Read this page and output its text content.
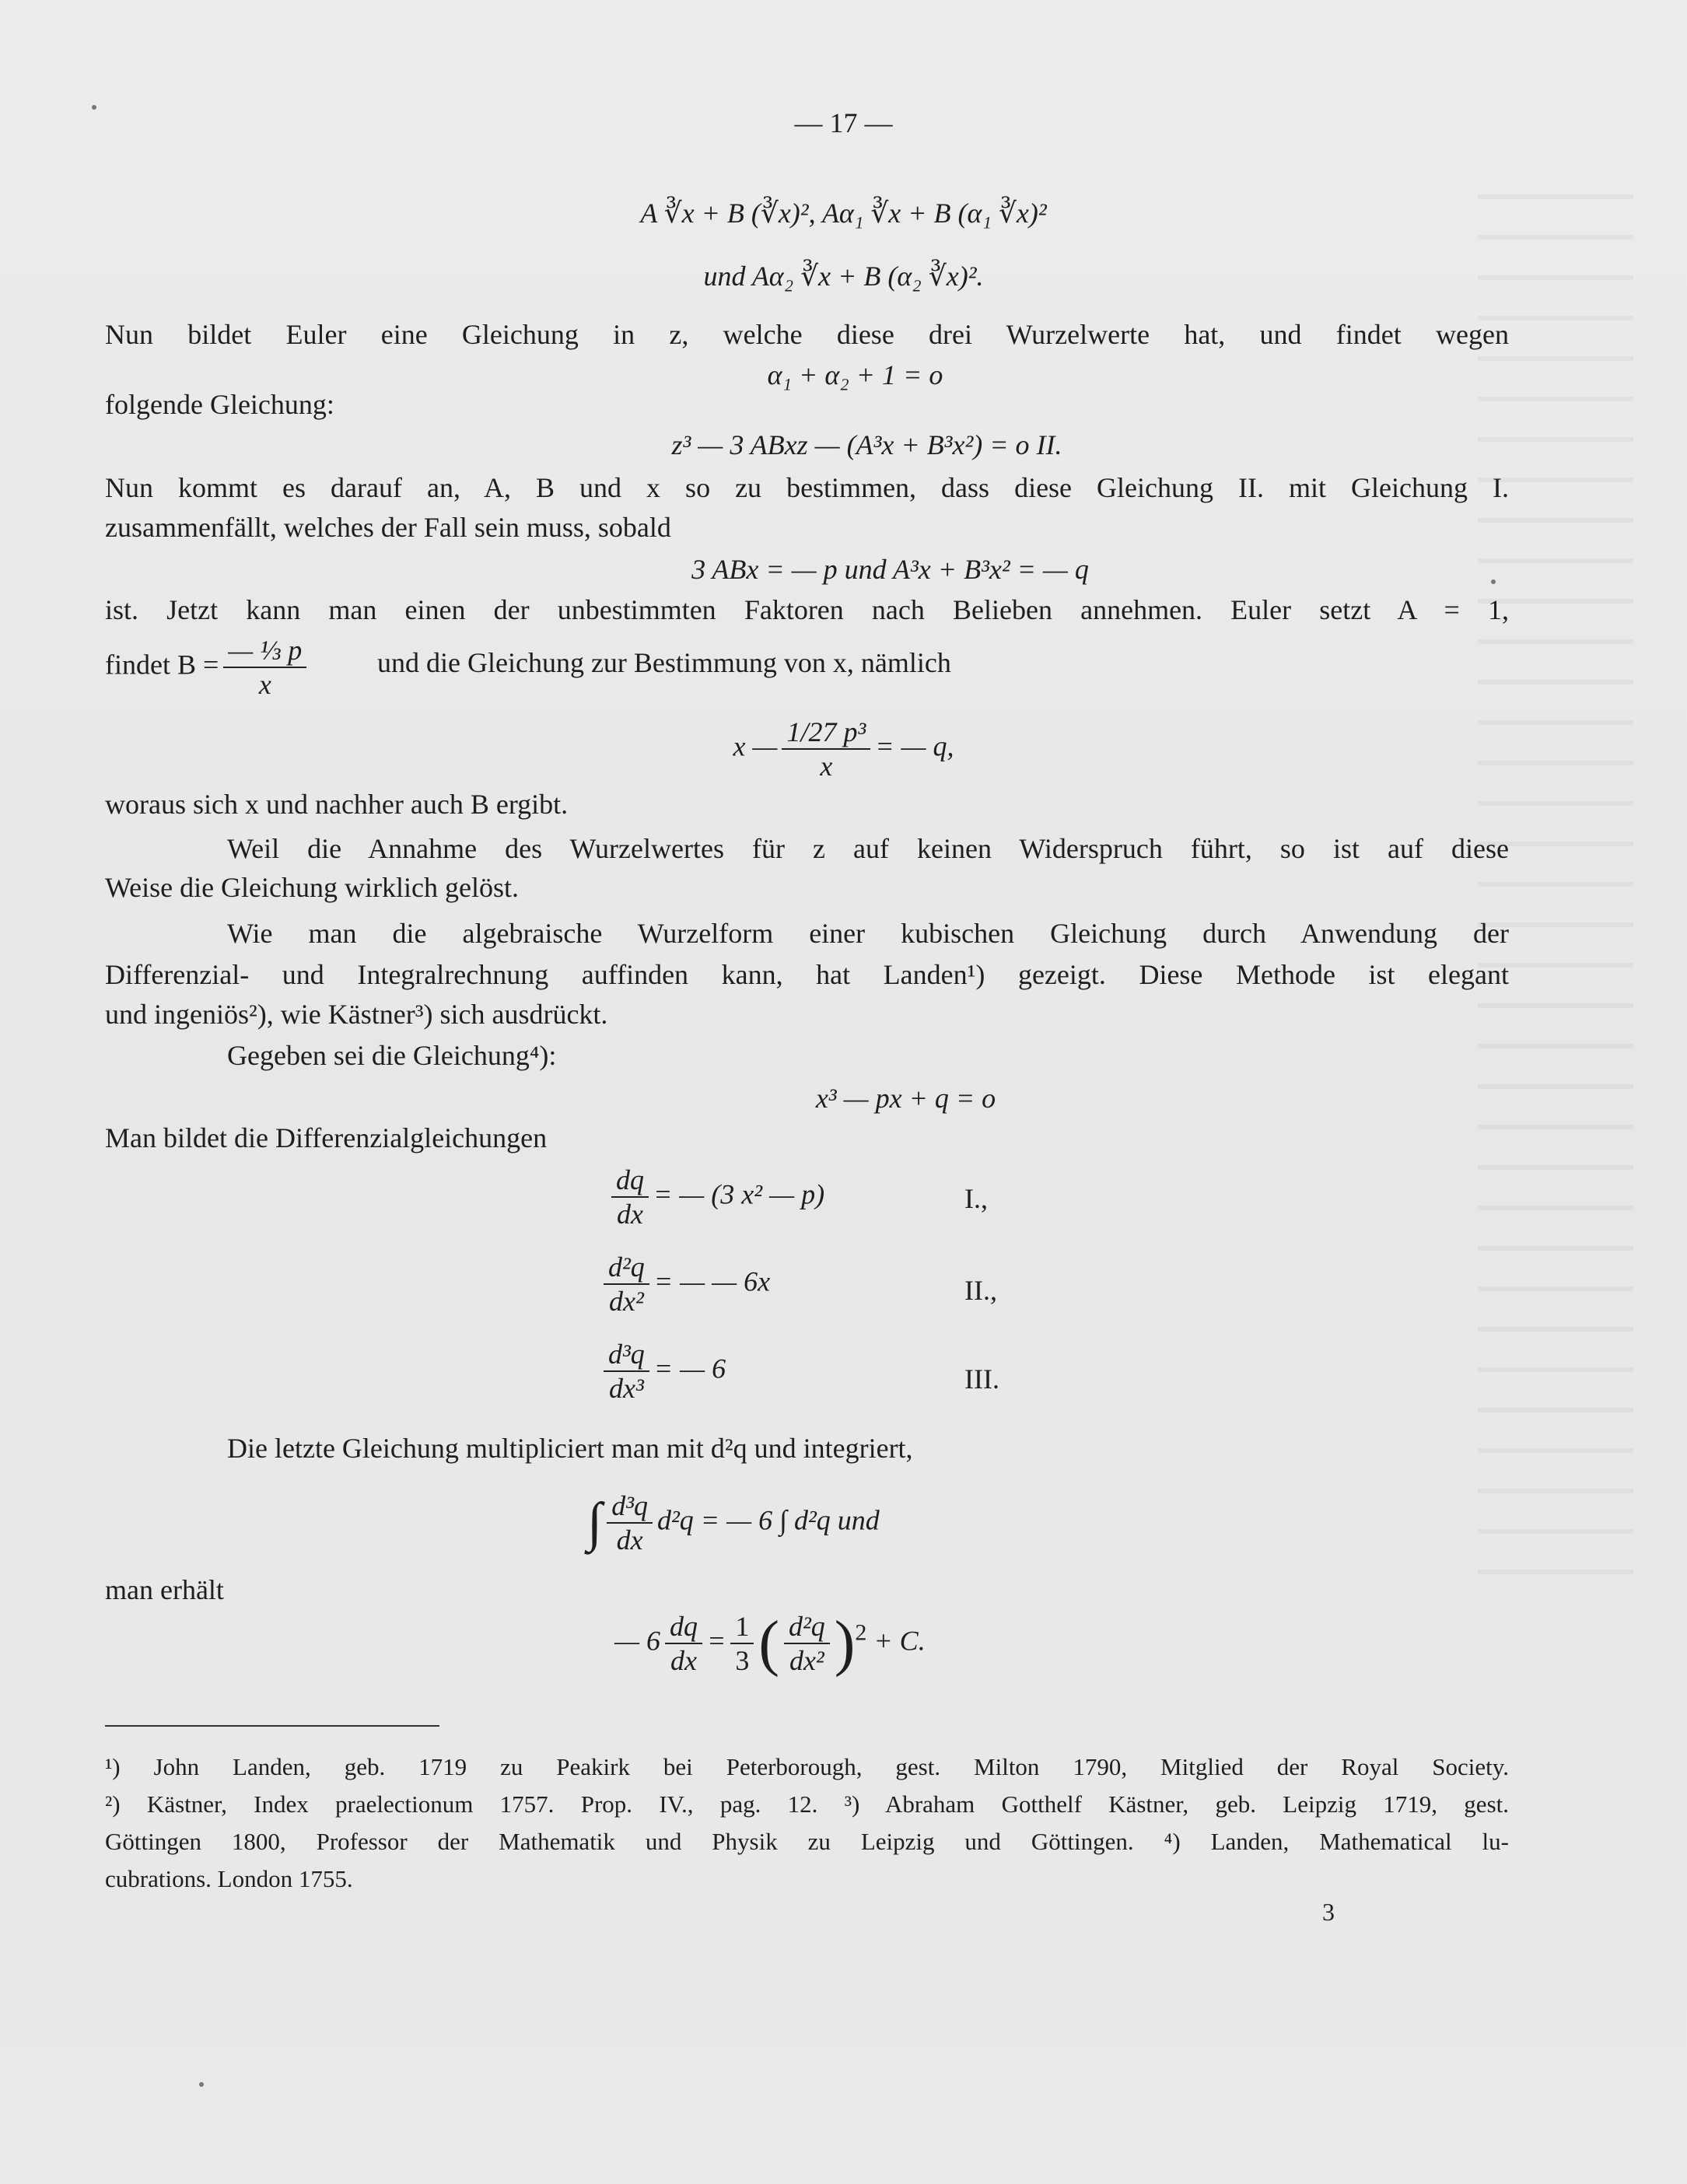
— 17 —
A ∛x + B (∛x)², Aα₁ ∛x + B (α₁ ∛x)²
und Aα₂ ∛x + B (α₂ ∛x)².
Nun bildet Euler eine Gleichung in z, welche diese drei Wurzelwerte hat, und findet wegen
α₁ + α₂ + 1 = o
folgende Gleichung:
z³ — 3 ABxz — (A³x + B³x²) = o II.
Nun kommt es darauf an, A, B und x so zu bestimmen, dass diese Gleichung II. mit Gleichung I.
zusammenfällt, welches der Fall sein muss, sobald
3 ABx = — p und A³x + B³x² = — q
ist. Jetzt kann man einen der unbestimmten Faktoren nach Belieben annehmen. Euler setzt A = 1,
findet $B = \frac{\text{— ⅓ p}}{x}$	und die Gleichung zur Bestimmung von x, nämlich
x — $\frac{\text{1/27 p³}}{x}$ = — q,
woraus sich x und nachher auch B ergibt.
Weil die Annahme des Wurzelwertes für z auf keinen Widerspruch führt, so ist auf diese
Weise die Gleichung wirklich gelöst.
Wie man die algebraische Wurzelform einer kubischen Gleichung durch Anwendung der
Differenzial- und Integralrechnung auffinden kann, hat Landen¹) gezeigt. Diese Methode ist elegant
und ingeniös²), wie Kästner³) sich ausdrückt.
Gegeben sei die Gleichung⁴):
x³ — px + q = o
Man bildet die Differenzialgleichungen
$\frac{dq}{dx}$ = — (3 x² — p)	I.,
$\frac{\text{d²q}}{\text{dx²}}$ = — — 6x	II.,
$\frac{\text{d³q}}{\text{dx³}}$ = — 6	III.
Die letzte Gleichung multipliciert man mit d²q und integriert,
∫ $\frac{\text{d³q}}{dx} d^2q$ = — 6 ∫ d²q und
man erhält
— $6 \frac{dq}{dx} = \frac{1}{3}$ ( $\frac{\text{d²q}}{\text{dx²}} )^2 + C$.
¹) John Landen, geb. 1719 zu Peakirk bei Peterborough, gest. Milton 1790, Mitglied der Royal Society.
²) Kästner, Index praelectionum 1757. Prop. IV., pag. 12. ³) Abraham Gotthelf Kästner, geb. Leipzig 1719, gest.
Göttingen 1800, Professor der Mathematik und Physik zu Leipzig und Göttingen. ⁴) Landen, Mathematical lu-
cubrations. London 1755.
3
